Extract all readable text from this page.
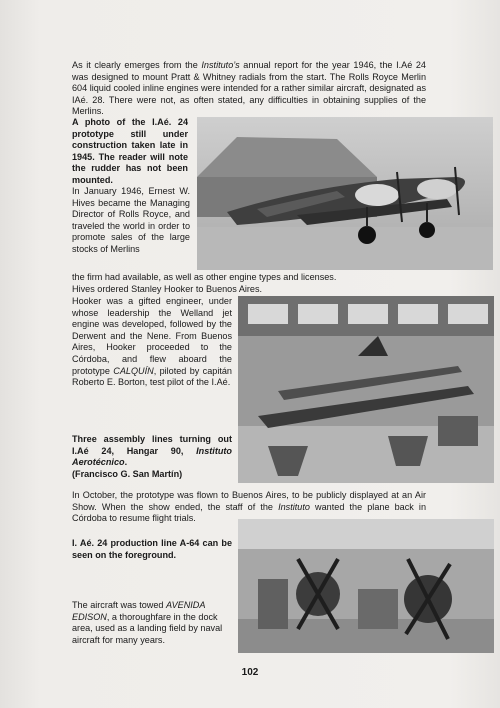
As it clearly emerges from the Instituto’s annual report for the year 1946, the I.Aé 24 was designed to mount Pratt & Whitney radials from the start. The Rolls Royce Merlin 604 liquid cooled inline engines were intended for a rather similar aircraft, designated as IAé. 28. There were not, as often stated, any difficulties in obtaining supplies of the Merlins.

A photo of the I.Aé. 24 prototype still under construction taken late in 1945. The reader will note the rudder has not been mounted.

In January 1946, Ernest W. Hives became the Managing Director of Rolls Royce, and traveled the world in order to promote sales of the large stocks of Merlins

the firm had available, as well as other engine types and licenses.

Hives ordered Stanley Hooker to Buenos Aires.

Hooker was a gifted engineer, under whose leadership the Welland jet engine was developed, followed by the Derwent and the Nene. From Buenos Aires, Hooker proceeded to the Córdoba, and flew aboard the prototype CALQUÍN, piloted by capitán Roberto E. Borton, test pilot of the I.Aé.

Three assembly lines turning out I.Aé 24, Hangar 90, Instituto Aerotécnico.
(Francisco G. San Martín)

In October, the prototype was flown to Buenos Aires, to be publicly displayed at an Air Show. When the show ended, the staff of the Instituto wanted the plane back in Córdoba to resume flight trials.

I. Aé. 24 production line A-64 can be seen on the foreground.

The aircraft was towed AVENIDA EDISON, a thoroughfare in the dock area, used as a landing field by naval aircraft for many years.

102
